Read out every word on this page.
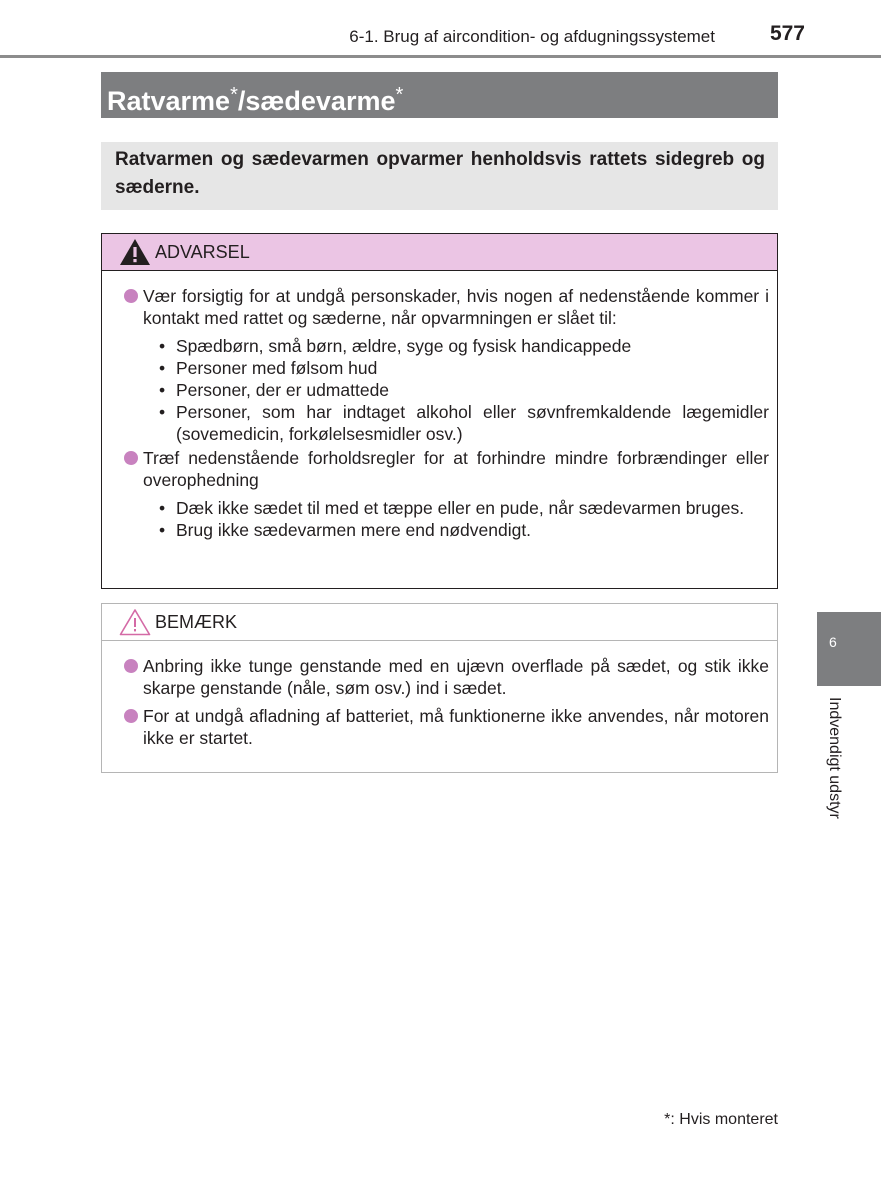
6-1. Brug af aircondition- og afdugningssystemet	577
Ratvarme*/sædevarme*
Ratvarmen og sædevarmen opvarmer henholdsvis rattets sidegreb og sæderne.
ADVARSEL
Vær forsigtig for at undgå personskader, hvis nogen af nedenstående kommer i kontakt med rattet og sæderne, når opvarmningen er slået til:
• Spædbørn, små børn, ældre, syge og fysisk handicappede
• Personer med følsom hud
• Personer, der er udmattede
• Personer, som har indtaget alkohol eller søvnfremkaldende lægemidler (sovemedicin, forkølelsesmidler osv.)
Træf nedenstående forholdsregler for at forhindre mindre forbrændinger eller overophedning
• Dæk ikke sædet til med et tæppe eller en pude, når sædevarmen bruges.
• Brug ikke sædevarmen mere end nødvendigt.
BEMÆRK
Anbring ikke tunge genstande med en ujævn overflade på sædet, og stik ikke skarpe genstande (nåle, søm osv.) ind i sædet.
For at undgå afladning af batteriet, må funktionerne ikke anvendes, når motoren ikke er startet.
6
Indvendigt udstyr
*: Hvis monteret
